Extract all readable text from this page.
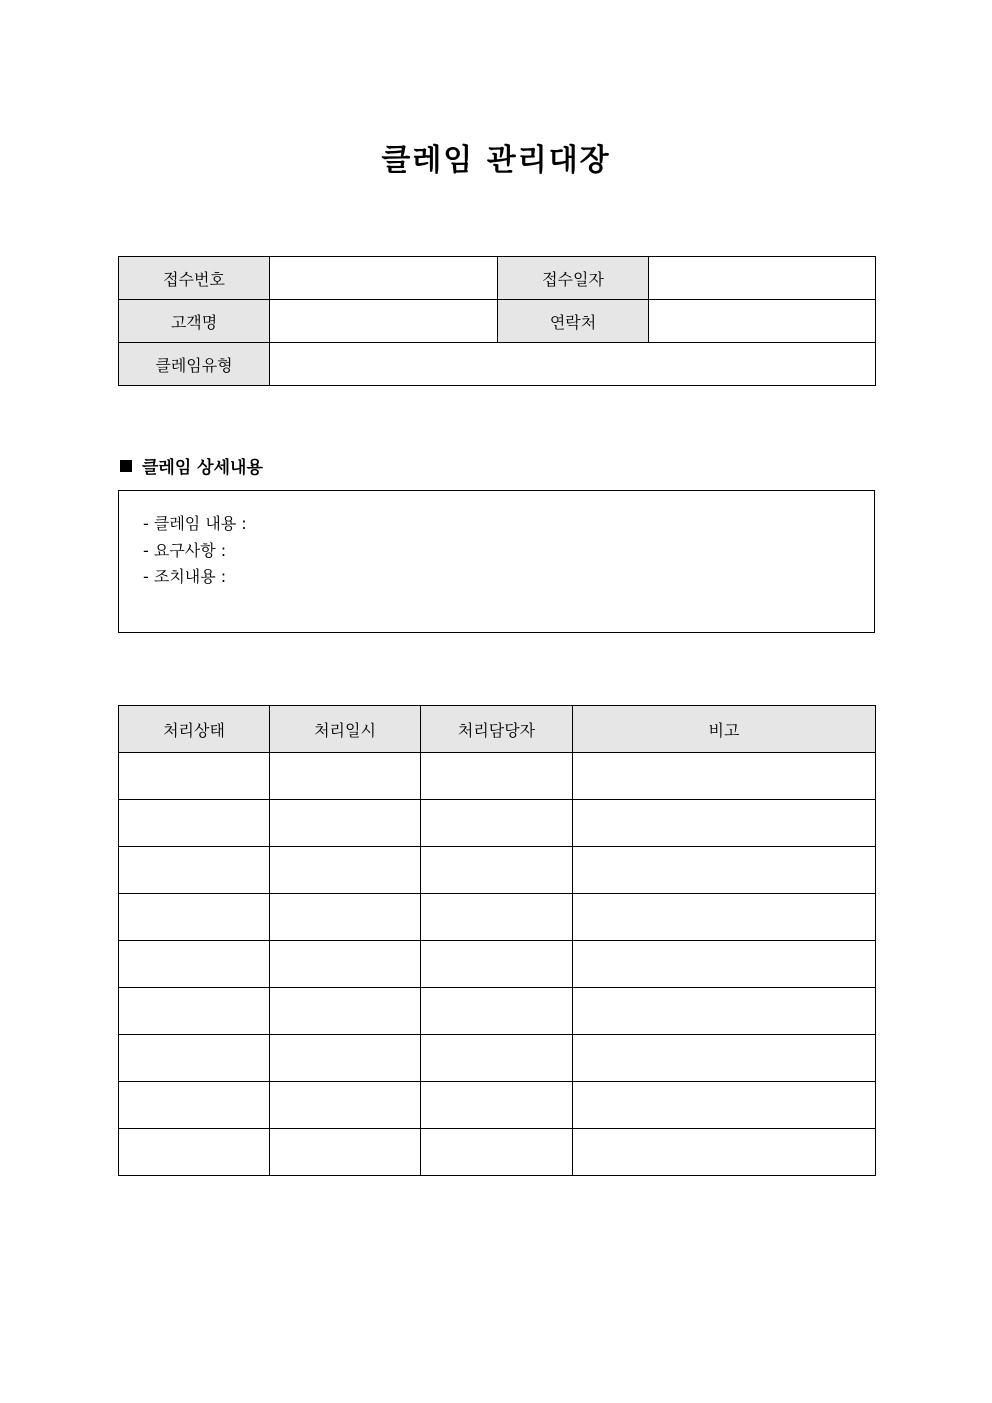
클레임 관리대장
접수번호		접수일자	
고객명		연락처	
클레임유형			
클레임 상세내용
- 클레임 내용 :
- 요구사항 :
- 조치내용 :
처리상태	처리일시	처리담당자	비고
